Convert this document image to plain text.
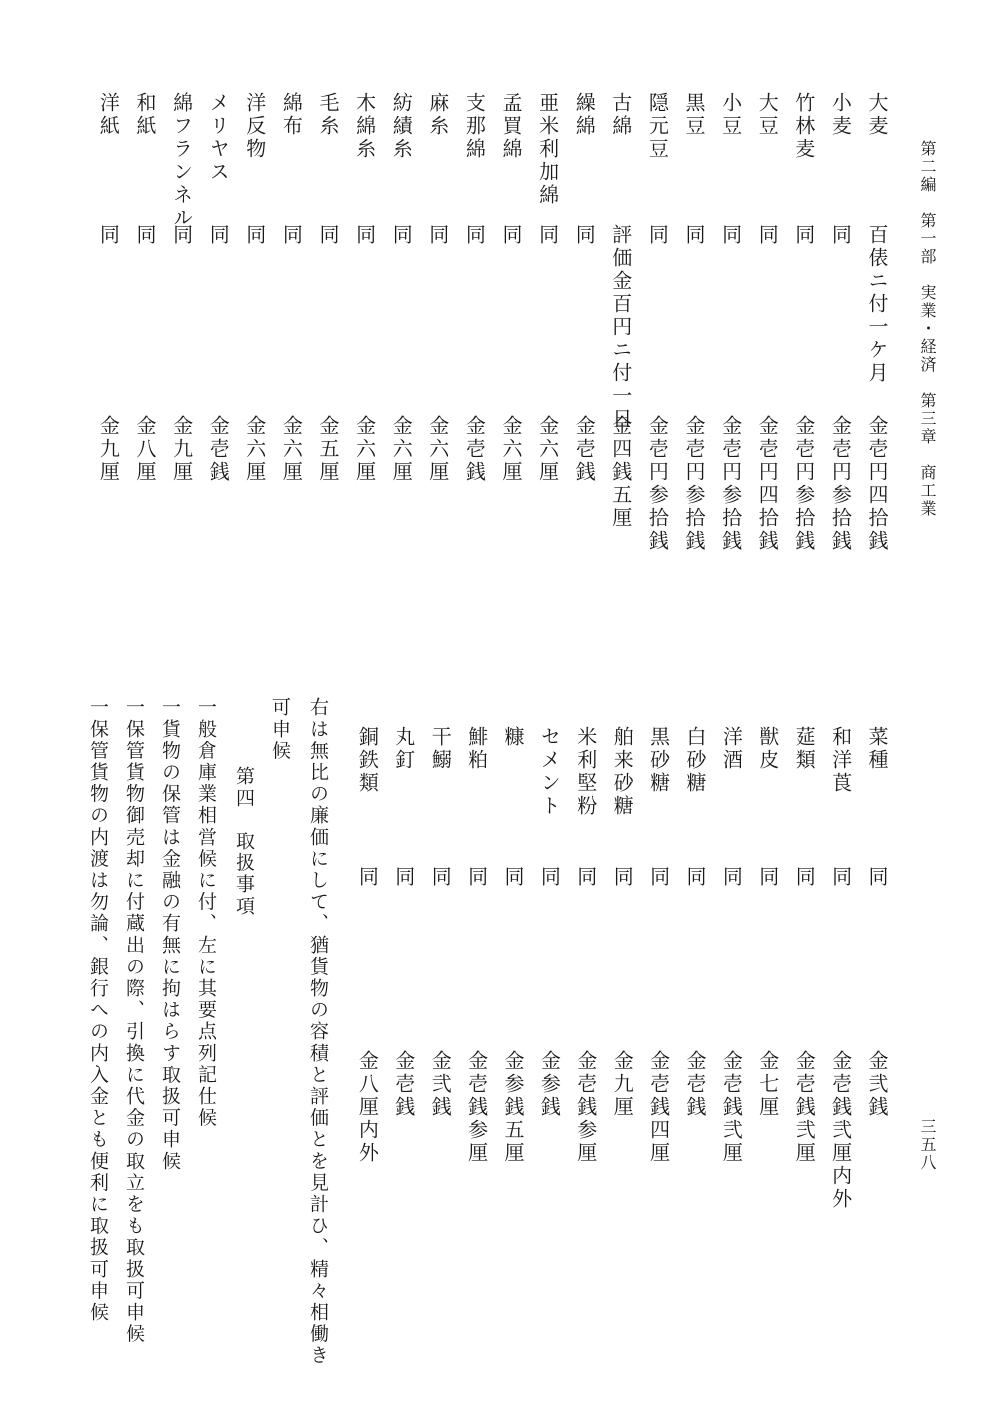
第二編　第一部　実業・経済　第三章　商工業
三五八
大麦
百俵ニ付一ケ月
金壱円四拾銭
小麦
同
金壱円参拾銭
竹林麦
同
金壱円参拾銭
大豆
同
金壱円四拾銭
小豆
同
金壱円参拾銭
黒豆
同
金壱円参拾銭
隠元豆
同
金壱円参拾銭
古綿
評価金百円ニ付一日
金四銭五厘
繰綿
同
金壱銭
亜米利加綿
同
金六厘
孟買綿
同
金六厘
支那綿
同
金壱銭
麻糸
同
金六厘
紡績糸
同
金六厘
木綿糸
同
金六厘
毛糸
同
金五厘
綿布
同
金六厘
洋反物
同
金六厘
メリヤス
同
金壱銭
綿フランネル
同
金九厘
和紙
同
金八厘
洋紙
同
金九厘
菜種
同
金弐銭
和洋莨
同
金壱銭弐厘内外
莚類
同
金壱銭弐厘
獣皮
同
金七厘
洋酒
同
金壱銭弐厘
白砂糖
同
金壱銭
黒砂糖
同
金壱銭四厘
舶来砂糖
同
金九厘
米利堅粉
同
金壱銭参厘
セメント
同
金参銭
糠
同
金参銭五厘
鯡粕
同
金壱銭参厘
干鰯
同
金弐銭
丸釘
同
金壱銭
銅鉄類
同
金八厘内外
右は無比の廉価にして、猶貨物の容積と評価とを見計ひ、精々相働き
可申候
第四　取扱事項
一般倉庫業相営候に付、左に其要点列記仕候
一貨物の保管は金融の有無に拘はらす取扱可申候
一保管貨物御売却に付蔵出の際、引換に代金の取立をも取扱可申候
一保管貨物の内渡は勿論、銀行への内入金とも便利に取扱可申候
